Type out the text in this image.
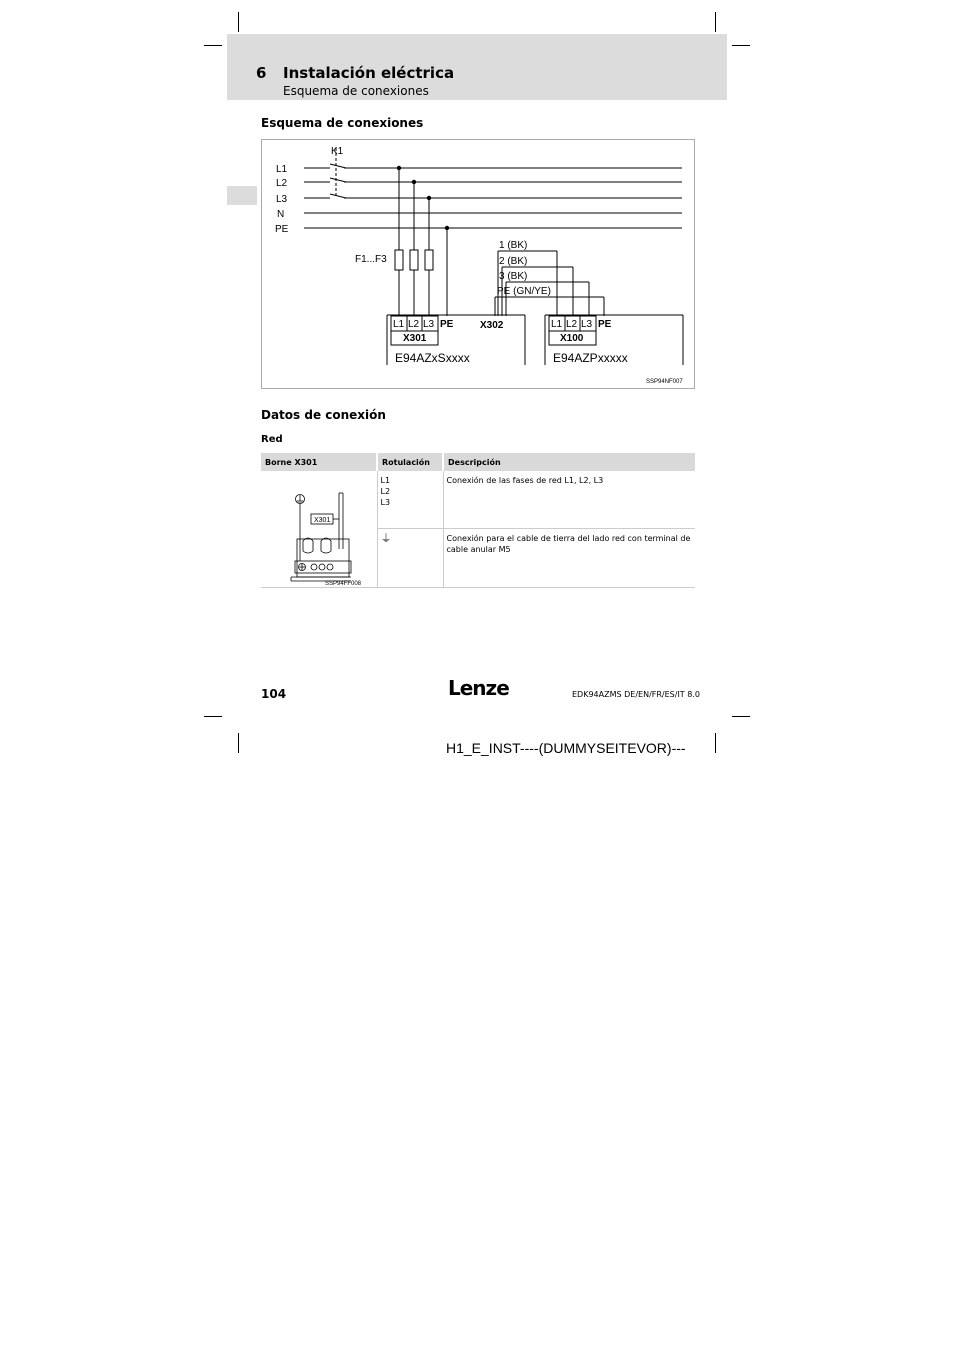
6 Instalación eléctrica
Esquema de conexiones
Esquema de conexiones
K1
L1
L2
L3
N
PE
F1...F3
1 (BK)
2 (BK)
3 (BK)
PE (GN/YE)
L1 L2 L3 PE
X301
X302
E94AZxSxxxx
L1 L2 L3 PE
X100
E94AZPxxxxx
SSP94NF007
Datos de conexión
Red
Borne X301	Rotulación	Descripción

X301
SSP94FF008	L1
L2
L3	Conexión de las fases de red L1, L2, L3
	⏚	Conexión para el cable de tierra del lado red con terminal de cable anular M5
104	Lenze	EDK94AZMS DE/EN/FR/ES/IT 8.0
H1_E_INST----(DUMMYSEITEVOR)---
